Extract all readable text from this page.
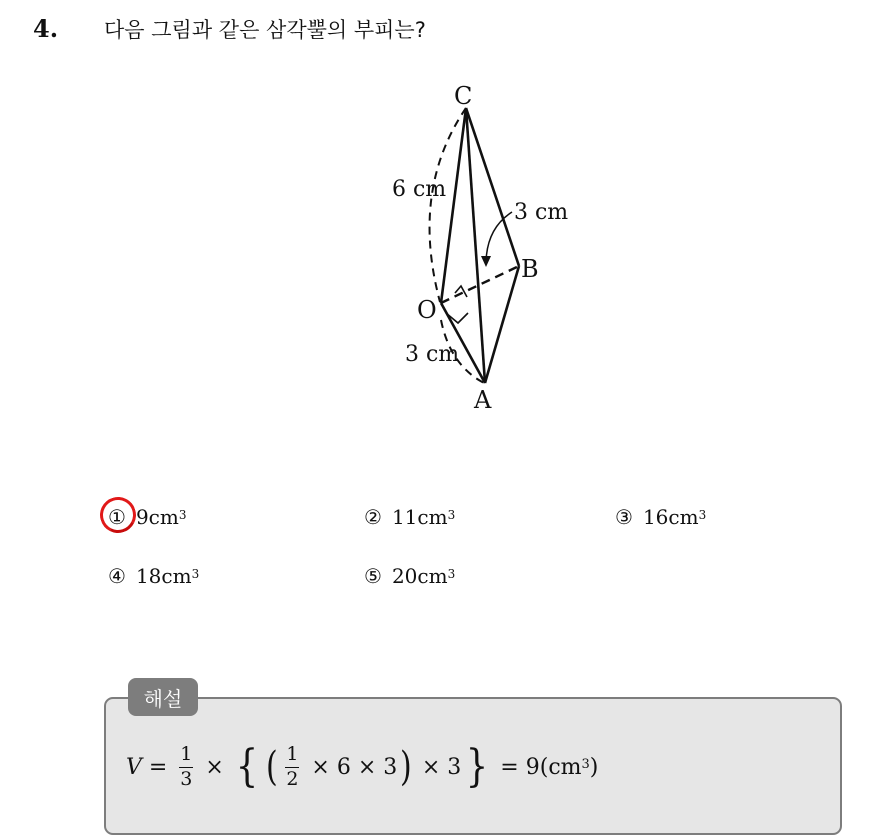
4. 다음 그림과 같은 삼각뿔의 부피는?
C
B
O
A
6 cm
3 cm
3 cm
① $9cm^3$	② $11cm^3$	③ $16cm^3$
④ $18cm^3$	⑤ $20cm^3$
해설
$V = \frac{1}{3}$ × { ( $\frac{1}{2} \times 6 \times 3$ ) × 3 } = $9(cm^3$ )
